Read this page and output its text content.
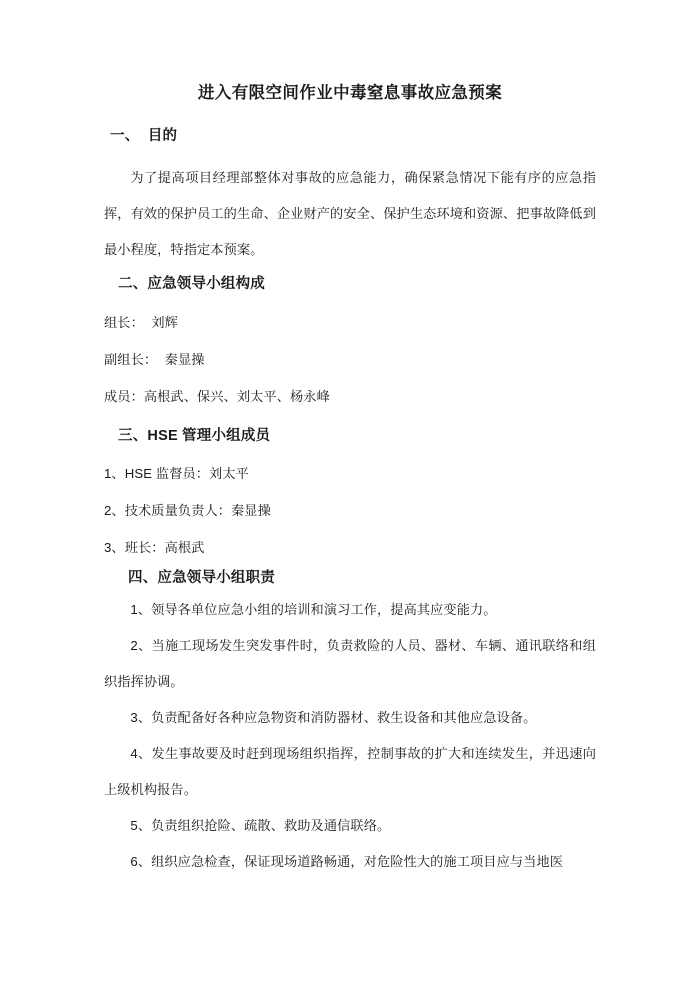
进入有限空间作业中毒窒息事故应急预案
一、  目的

为了提高项目经理部整体对事故的应急能力，确保紧急情况下能有序的应急指挥，有效的保护员工的生命、企业财产的安全、保护生态环境和资源、把事故降低到最小程度，特指定本预案。

二、应急领导小组构成

组长：  刘辉

副组长：  秦显操

成员：高根武、保兴、刘太平、杨永峰

三、HSE 管理小组成员

1、HSE 监督员：刘太平

2、技术质量负责人：秦显操

3、班长：高根武

四、应急领导小组职责

1、领导各单位应急小组的培训和演习工作，提高其应变能力。

2、当施工现场发生突发事件时，负责救险的人员、器材、车辆、通讯联络和组织指挥协调。

3、负责配备好各种应急物资和消防器材、救生设备和其他应急设备。

4、发生事故要及时赶到现场组织指挥，控制事故的扩大和连续发生，并迅速向上级机构报告。

5、负责组织抢险、疏散、救助及通信联络。

6、组织应急检查，保证现场道路畅通，对危险性大的施工项目应与当地医
